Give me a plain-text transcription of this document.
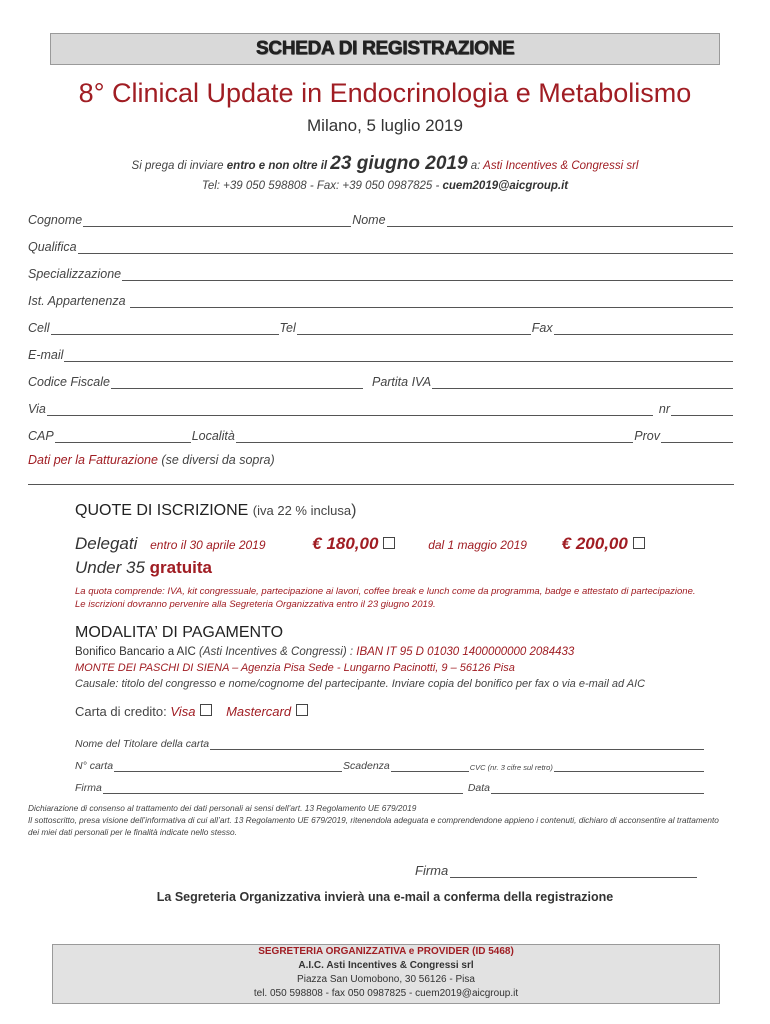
SCHEDA DI REGISTRAZIONE
8° Clinical Update in Endocrinologia e Metabolismo
Milano, 5 luglio 2019
Si prega di inviare entro e non oltre il 23 giugno 2019 a: Asti Incentives & Congressi srl
Tel: +39 050 598808 - Fax: +39 050 0987825 - cuem2019@aicgroup.it
Cognome	Nome
Qualifica
Specializzazione
Ist. Appartenenza
Cell	Tel	Fax
E-mail
Codice Fiscale	Partita IVA
Via	nr
CAP	Località	Prov
Dati per la Fatturazione (se diversi da sopra)
QUOTE DI ISCRIZIONE (iva 22 % inclusa)
Delegati entro il 30 aprile 2019	€ 180,00	dal 1 maggio 2019 € 200,00
Under 35 gratuita
La quota comprende: IVA, kit congressuale, partecipazione ai lavori, coffee break e lunch come da programma, badge e attestato di partecipazione. Le iscrizioni dovranno pervenire alla Segreteria Organizzativa entro il 23 giugno 2019.
MODALITA’ DI PAGAMENTO
Bonifico Bancario a AIC (Asti Incentives & Congressi) : IBAN IT 95 D 01030 1400000000 2084433
MONTE DEI PASCHI DI SIENA – Agenzia Pisa Sede - Lungarno Pacinotti, 9 – 56126 Pisa
Causale: titolo del congresso e nome/cognome del partecipante. Inviare copia del bonifico per fax o via e-mail ad AIC
Carta di credito: Visa Mastercard
Nome del Titolare della carta
N° carta	Scadenza	CVC (nr. 3 cifre sul retro)
Firma	Data
Dichiarazione di consenso al trattamento dei dati personali ai sensi dell’art. 13 Regolamento UE 679/2019
Il sottoscritto, presa visione dell’informativa di cui all’art. 13 Regolamento UE 679/2019, ritenendola adeguata e comprendendone appieno i contenuti, dichiaro di acconsentire al trattamento dei miei dati personali per le finalità indicate nello stesso.
Firma
La Segreteria Organizzativa invierà una e-mail a conferma della registrazione
SEGRETERIA ORGANIZZATIVA e PROVIDER (ID 5468)
A.I.C. Asti Incentives & Congressi srl
Piazza San Uomobono, 30 56126 - Pisa
tel. 050 598808 - fax 050 0987825 - cuem2019@aicgroup.it
